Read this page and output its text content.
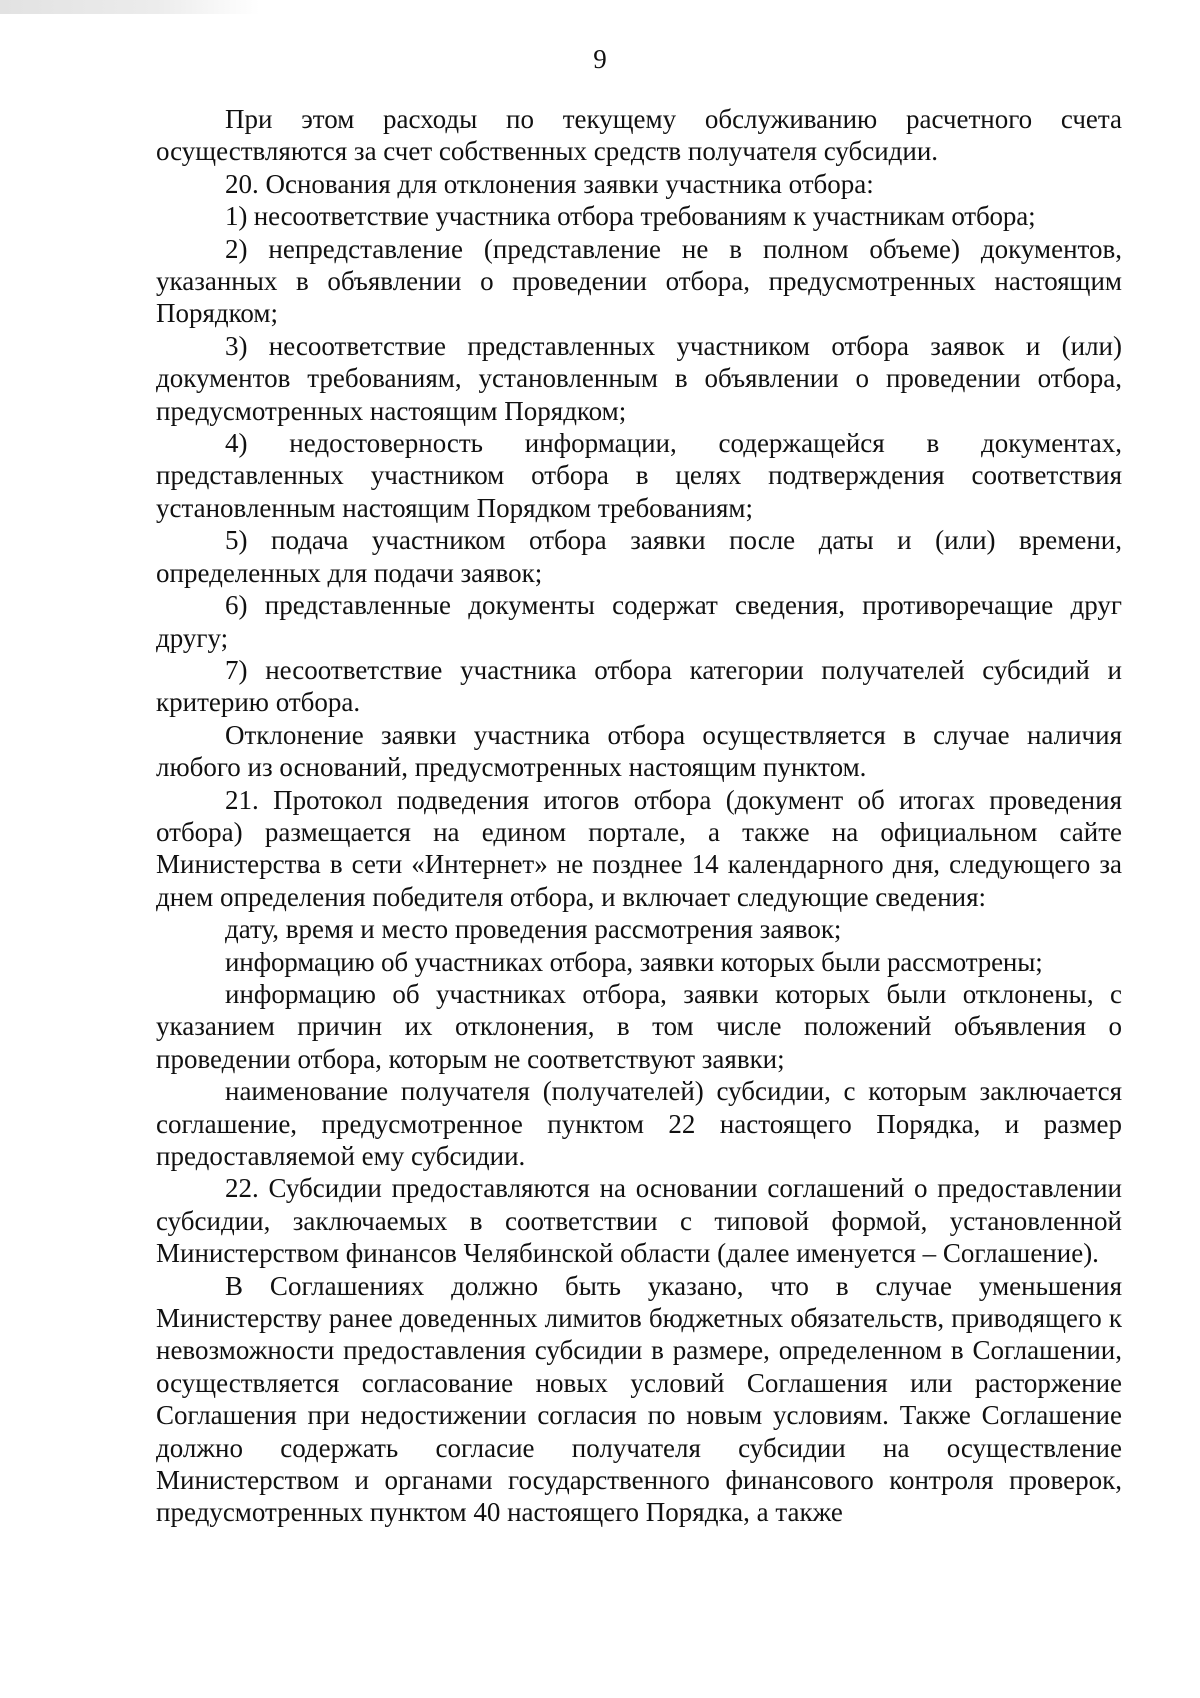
9

При этом расходы по текущему обслуживанию расчетного счета осуществляются за счет собственных средств получателя субсидии.

20. Основания для отклонения заявки участника отбора:

1) несоответствие участника отбора требованиям к участникам отбора;

2) непредставление (представление не в полном объеме) документов, указанных в объявлении о проведении отбора, предусмотренных настоящим Порядком;

3) несоответствие представленных участником отбора заявок и (или) документов требованиям, установленным в объявлении о проведении отбора, предусмотренных настоящим Порядком;

4) недостоверность информации, содержащейся в документах, представленных участником отбора в целях подтверждения соответствия установленным настоящим Порядком требованиям;

5) подача участником отбора заявки после даты и (или) времени, определенных для подачи заявок;

6) представленные документы содержат сведения, противоречащие друг другу;

7) несоответствие участника отбора категории получателей субсидий и критерию отбора.

Отклонение заявки участника отбора осуществляется в случае наличия любого из оснований, предусмотренных настоящим пунктом.

21. Протокол подведения итогов отбора (документ об итогах проведения отбора) размещается на едином портале, а также на официальном сайте Министерства в сети «Интернет» не позднее 14 календарного дня, следующего за днем определения победителя отбора, и включает следующие сведения:

дату, время и место проведения рассмотрения заявок;

информацию об участниках отбора, заявки которых были рассмотрены;

информацию об участниках отбора, заявки которых были отклонены, с указанием причин их отклонения, в том числе положений объявления о проведении отбора, которым не соответствуют заявки;

наименование получателя (получателей) субсидии, с которым заключается соглашение, предусмотренное пунктом 22 настоящего Порядка, и размер предоставляемой ему субсидии.

22. Субсидии предоставляются на основании соглашений о предоставлении субсидии, заключаемых в соответствии с типовой формой, установленной Министерством финансов Челябинской области (далее именуется – Соглашение).

В Соглашениях должно быть указано, что в случае уменьшения Министерству ранее доведенных лимитов бюджетных обязательств, приводящего к невозможности предоставления субсидии в размере, определенном в Соглашении, осуществляется согласование новых условий Соглашения или расторжение Соглашения при недостижении согласия по новым условиям. Также Соглашение должно содержать согласие получателя субсидии на осуществление Министерством и органами государственного финансового контроля проверок, предусмотренных пунктом 40 настоящего Порядка, а также
